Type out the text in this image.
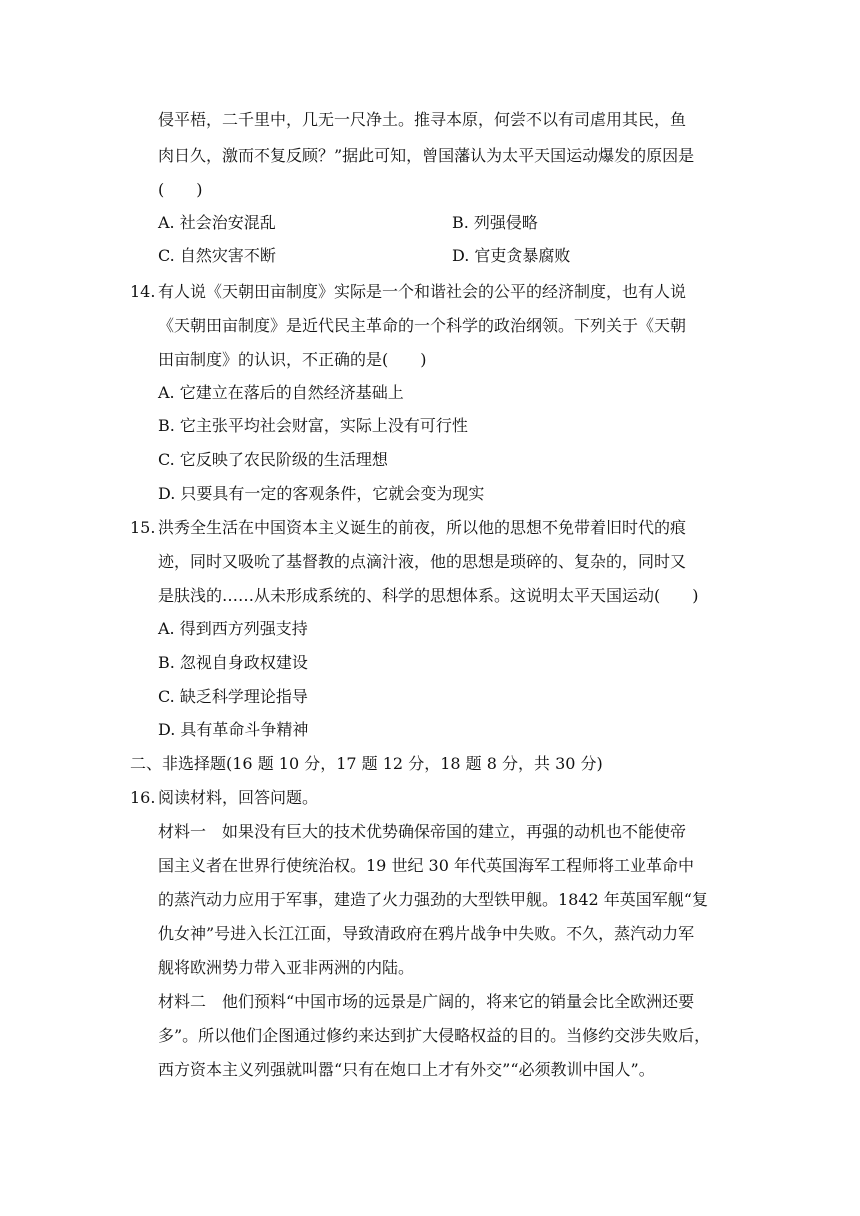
侵平梧，二千里中，几无一尺净土。推寻本原，何尝不以有司虐用其民，鱼
肉日久，激而不复反顾？”据此可知，曾国藩认为太平天国运动爆发的原因是
(　　)
A. 社会治安混乱	B. 列强侵略
C. 自然灾害不断	D. 官吏贪暴腐败
14. 有人说《天朝田亩制度》实际是一个和谐社会的公平的经济制度，也有人说
《天朝田亩制度》是近代民主革命的一个科学的政治纲领。下列关于《天朝
田亩制度》的认识，不正确的是(　　)
A. 它建立在落后的自然经济基础上
B. 它主张平均社会财富，实际上没有可行性
C. 它反映了农民阶级的生活理想
D. 只要具有一定的客观条件，它就会变为现实
15. 洪秀全生活在中国资本主义诞生的前夜，所以他的思想不免带着旧时代的痕
迹，同时又吸吮了基督教的点滴汁液，他的思想是琐碎的、复杂的，同时又
是肤浅的……从未形成系统的、科学的思想体系。这说明太平天国运动(　　)
A. 得到西方列强支持
B. 忽视自身政权建设
C. 缺乏科学理论指导
D. 具有革命斗争精神
二、非选择题(16 题 10 分，17 题 12 分，18 题 8 分，共 30 分)
16. 阅读材料，回答问题。
材料一　如果没有巨大的技术优势确保帝国的建立，再强的动机也不能使帝
国主义者在世界行使统治权。19 世纪 30 年代英国海军工程师将工业革命中
的蒸汽动力应用于军事，建造了火力强劲的大型铁甲舰。1842 年英国军舰“复
仇女神”号进入长江江面，导致清政府在鸦片战争中失败。不久，蒸汽动力军
舰将欧洲势力带入亚非两洲的内陆。
材料二　他们预料“中国市场的远景是广阔的，将来它的销量会比全欧洲还要
多”。所以他们企图通过修约来达到扩大侵略权益的目的。当修约交涉失败后，
西方资本主义列强就叫嚣“只有在炮口上才有外交”“必须教训中国人”。
